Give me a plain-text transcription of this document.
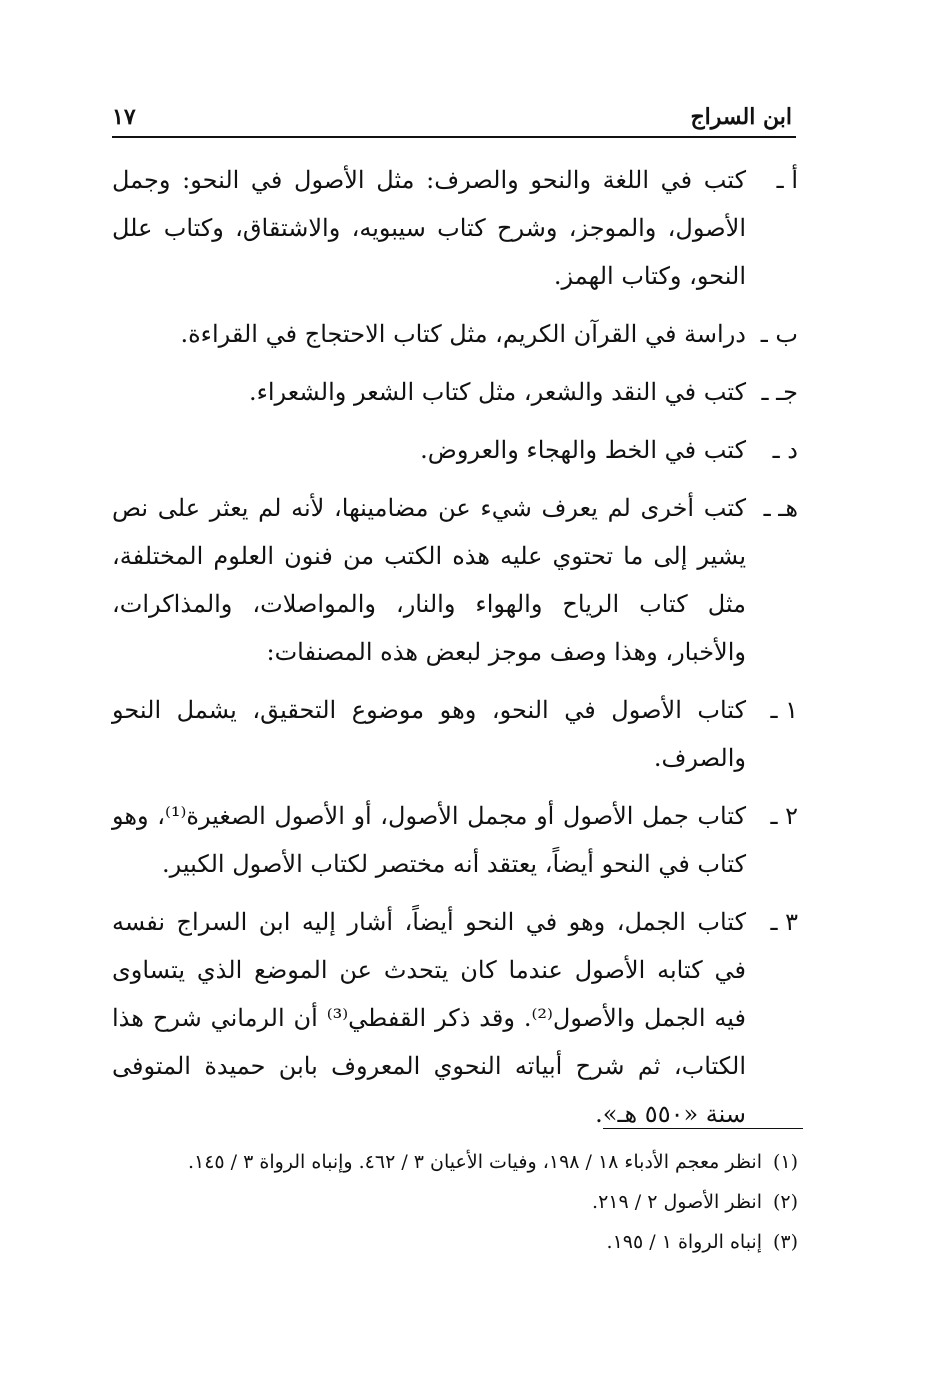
ابن السراج
١٧
أ ـ
كتب في اللغة والنحو والصرف: مثل الأصول في النحو: وجمل الأصول، والموجز، وشرح كتاب سيبويه، والاشتقاق، وكتاب علل النحو، وكتاب الهمز.
ب ـ
دراسة في القرآن الكريم، مثل كتاب الاحتجاج في القراءة.
جـ ـ
كتب في النقد والشعر، مثل كتاب الشعر والشعراء.
د ـ
كتب في الخط والهجاء والعروض.
هـ ـ
كتب أخرى لم يعرف شيء عن مضامينها، لأنه لم يعثر على نص يشير إلى ما تحتوي عليه هذه الكتب من فنون العلوم المختلفة، مثل كتاب الرياح والهواء والنار، والمواصلات، والمذاكرات، والأخبار، وهذا وصف موجز لبعض هذه المصنفات:
١ ـ
كتاب الأصول في النحو، وهو موضوع التحقيق، يشمل النحو والصرف.
٢ ـ
كتاب جمل الأصول أو مجمل الأصول، أو الأصول الصغيرة⁽¹⁾، وهو كتاب في النحو أيضاً، يعتقد أنه مختصر لكتاب الأصول الكبير.
٣ ـ
كتاب الجمل، وهو في النحو أيضاً، أشار إليه ابن السراج نفسه في كتابه الأصول عندما كان يتحدث عن الموضع الذي يتساوى فيه الجمل والأصول⁽²⁾. وقد ذكر القفطي⁽³⁾ أن الرماني شرح هذا الكتاب، ثم شرح أبياته النحوي المعروف بابن حميدة المتوفى سنة «٥٥٠ هـ».
(١)
انظر معجم الأدباء ١٨ / ١٩٨، وفيات الأعيان ٣ / ٤٦٢. وإنباه الرواة ٣ / ١٤٥.
(٢)
انظر الأصول ٢ / ٢١٩.
(٣)
إنباه الرواة ١ / ١٩٥.
